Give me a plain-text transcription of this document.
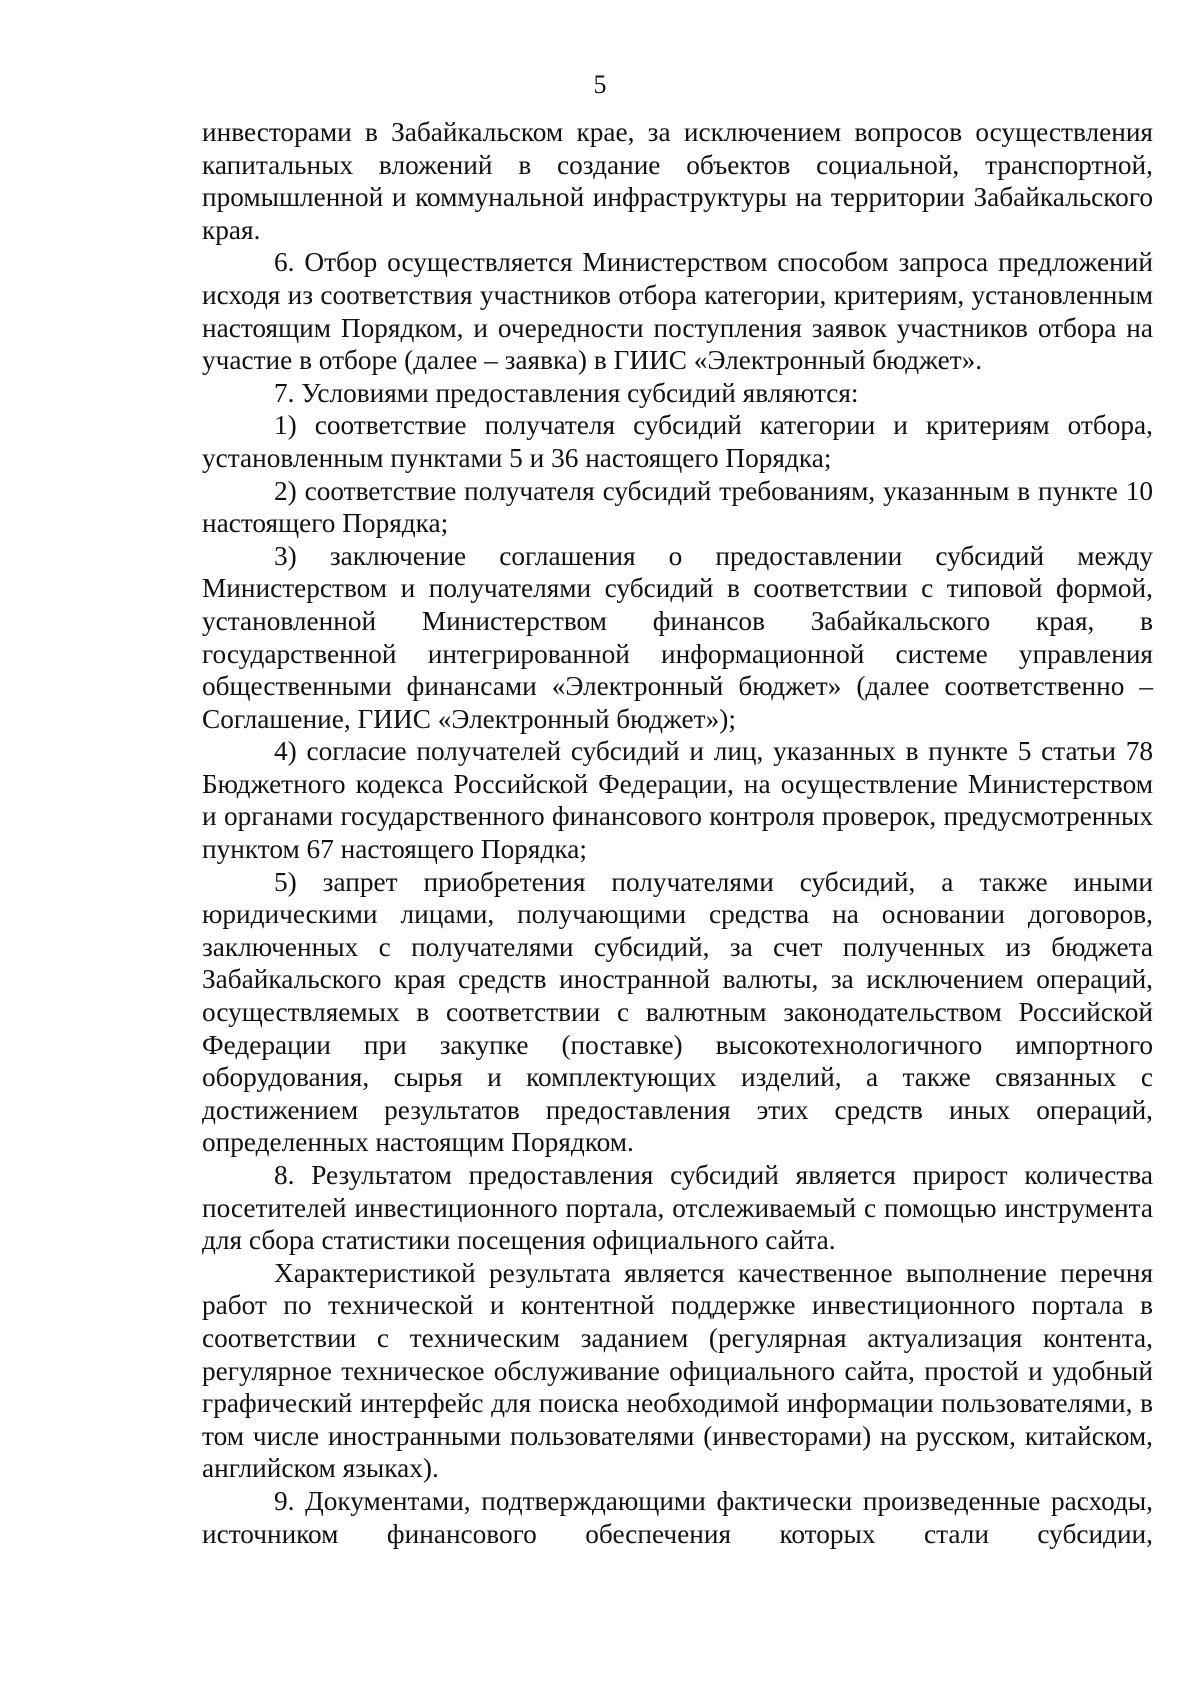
5

инвесторами в Забайкальском крае, за исключением вопросов осуществления капитальных вложений в создание объектов социальной, транспортной, промышленной и коммунальной инфраструктуры на территории Забайкальского края.

6. Отбор осуществляется Министерством способом запроса предложений исходя из соответствия участников отбора категории, критериям, установленным настоящим Порядком, и очередности поступления заявок участников отбора на участие в отборе (далее – заявка) в ГИИС «Электронный бюджет».

7. Условиями предоставления субсидий являются:

1) соответствие получателя субсидий категории и критериям отбора, установленным пунктами 5 и 36 настоящего Порядка;

2) соответствие получателя субсидий требованиям, указанным в пункте 10 настоящего Порядка;

3) заключение соглашения о предоставлении субсидий между Министерством и получателями субсидий в соответствии с типовой формой, установленной Министерством финансов Забайкальского края, в государственной интегрированной информационной системе управления общественными финансами «Электронный бюджет» (далее соответственно – Соглашение, ГИИС «Электронный бюджет»);

4) согласие получателей субсидий и лиц, указанных в пункте 5 статьи 78 Бюджетного кодекса Российской Федерации, на осуществление Министерством и органами государственного финансового контроля проверок, предусмотренных пунктом 67 настоящего Порядка;

5) запрет приобретения получателями субсидий, а также иными юридическими лицами, получающими средства на основании договоров, заключенных с получателями субсидий, за счет полученных из бюджета Забайкальского края средств иностранной валюты, за исключением операций, осуществляемых в соответствии с валютным законодательством Российской Федерации при закупке (поставке) высокотехнологичного импортного оборудования, сырья и комплектующих изделий, а также связанных с достижением результатов предоставления этих средств иных операций, определенных настоящим Порядком.

8. Результатом предоставления субсидий является прирост количества посетителей инвестиционного портала, отслеживаемый с помощью инструмента для сбора статистики посещения официального сайта.

Характеристикой результата является качественное выполнение перечня работ по технической и контентной поддержке инвестиционного портала в соответствии с техническим заданием (регулярная актуализация контента, регулярное техническое обслуживание официального сайта, простой и удобный графический интерфейс для поиска необходимой информации пользователями, в том числе иностранными пользователями (инвесторами) на русском, китайском, английском языках).

9. Документами, подтверждающими фактически произведенные расходы, источником финансового обеспечения которых стали субсидии,
